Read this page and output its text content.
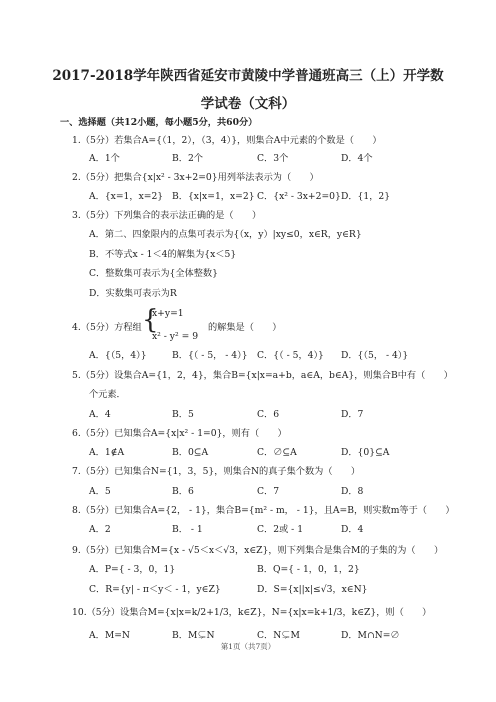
2017-2018学年陕西省延安市黄陵中学普通班高三（上）开学数
学试卷（文科）
一、选择题（共12小题，每小题5分，共60分）
1.（5分）若集合A={（1，2），（3，4）}，则集合A中元素的个数是（　　）
A．1个	B．2个	C．3个	D．4个
2.（5分）把集合{x|x² - 3x+2=0}用列举法表示为（　　）
A．{x=1，x=2} B．{x|x=1，x=2} C．{x² - 3x+2=0} D．{1，2}
3.（5分）下列集合的表示法正确的是（　　）
A．第二、四象限内的点集可表示为{（x，y）|xy≤0，x∈R，y∈R}
B．不等式x - 1＜4的解集为{x＜5}
C．整数集可表示为{全体整数}
D．实数集可表示为R
4.（5分）方程组 {
x+y=1
x² - y² = 9
的解集是（　　）
A．{（5，4）}	B．{（ - 5， - 4）} C．{（ - 5，4）} D．{（5， - 4）}
5.（5分）设集合A={1，2，4}，集合B={x|x=a+b，a∈A，b∈A}，则集合B中有（　　）
个元素．
A．4	B．5	C．6	D．7
6.（5分）已知集合A={x|x² - 1=0}，则有（　　）
A．1∉A	B．0⊆A	C．∅⊆A	D．{0}⊆A
7.（5分）已知集合N={1，3，5}，则集合N的真子集个数为（　　）
A．5	B．6	C．7	D．8
8.（5分）已知集合A={2， - 1}，集合B={m² - m， - 1}，且A=B，则实数m等于（　　）
A．2	B． - 1	C．2或 - 1	D．4
9.（5分）已知集合M={x - √5＜x＜√3，x∈Z}，则下列集合是集合M的子集的为（　　）
A．P={ - 3，0，1}	B．Q={ - 1，0，1，2}
C．R={y| - π＜y＜ - 1，y∈Z}	D．S={x||x|≤√3，x∈N}
10.（5分）设集合M={x|x=k/2+1/3，k∈Z}，N={x|x=k+1/3，k∈Z}，则（　　）
A．M=N	B．M⊊N	C．N⊊M	D．M∩N=∅
第1页（共7页）
